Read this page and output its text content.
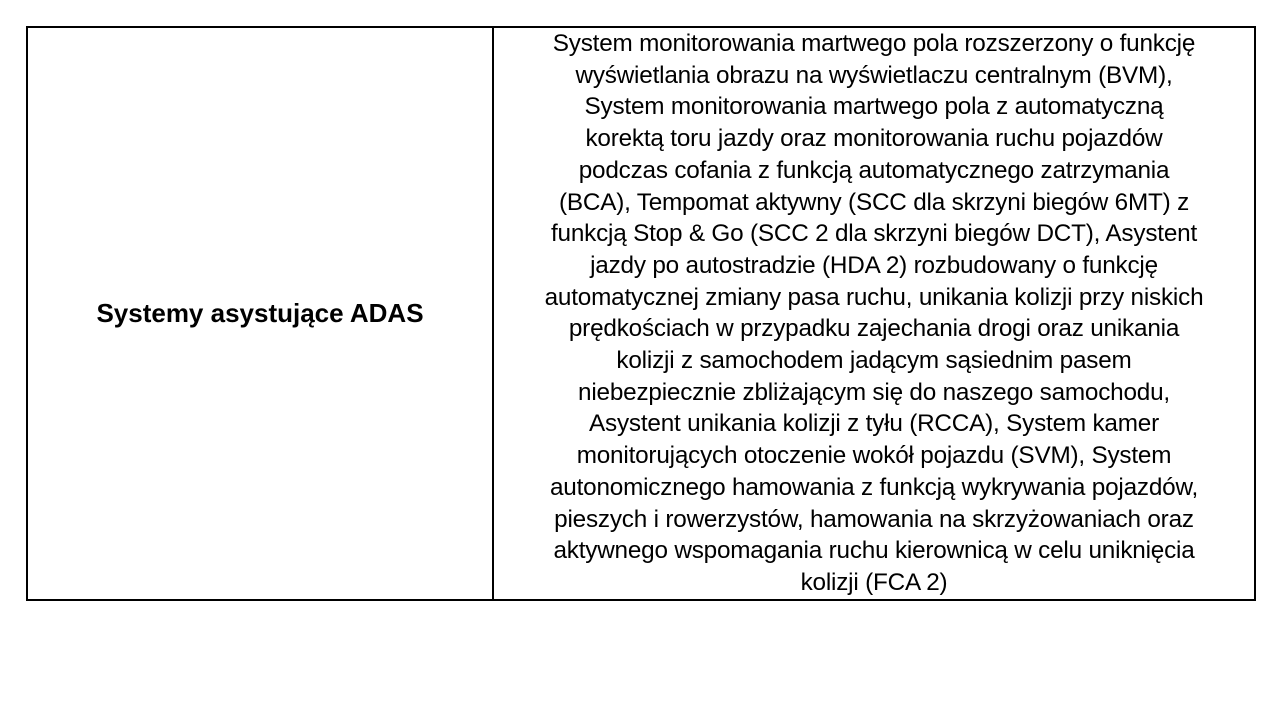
Systemy asystujące ADAS	
System monitorowania martwego pola rozszerzony o funkcję
wyświetlania obrazu na wyświetlaczu centralnym (BVM),
System monitorowania martwego pola z automatyczną
korektą toru jazdy oraz monitorowania ruchu pojazdów
podczas cofania z funkcją automatycznego zatrzymania
(BCA), Tempomat aktywny (SCC dla skrzyni biegów 6MT) z
funkcją Stop & Go (SCC 2 dla skrzyni biegów DCT), Asystent
jazdy po autostradzie (HDA 2) rozbudowany o funkcję
automatycznej zmiany pasa ruchu, unikania kolizji przy niskich
prędkościach w przypadku zajechania drogi oraz unikania
kolizji z samochodem jadącym sąsiednim pasem
niebezpiecznie zbliżającym się do naszego samochodu,
Asystent unikania kolizji z tyłu (RCCA), System kamer
monitorujących otoczenie wokół pojazdu (SVM), System
autonomicznego hamowania z funkcją wykrywania pojazdów,
pieszych i rowerzystów, hamowania na skrzyżowaniach oraz
aktywnego wspomagania ruchu kierownicą w celu uniknięcia
kolizji (FCA 2)
